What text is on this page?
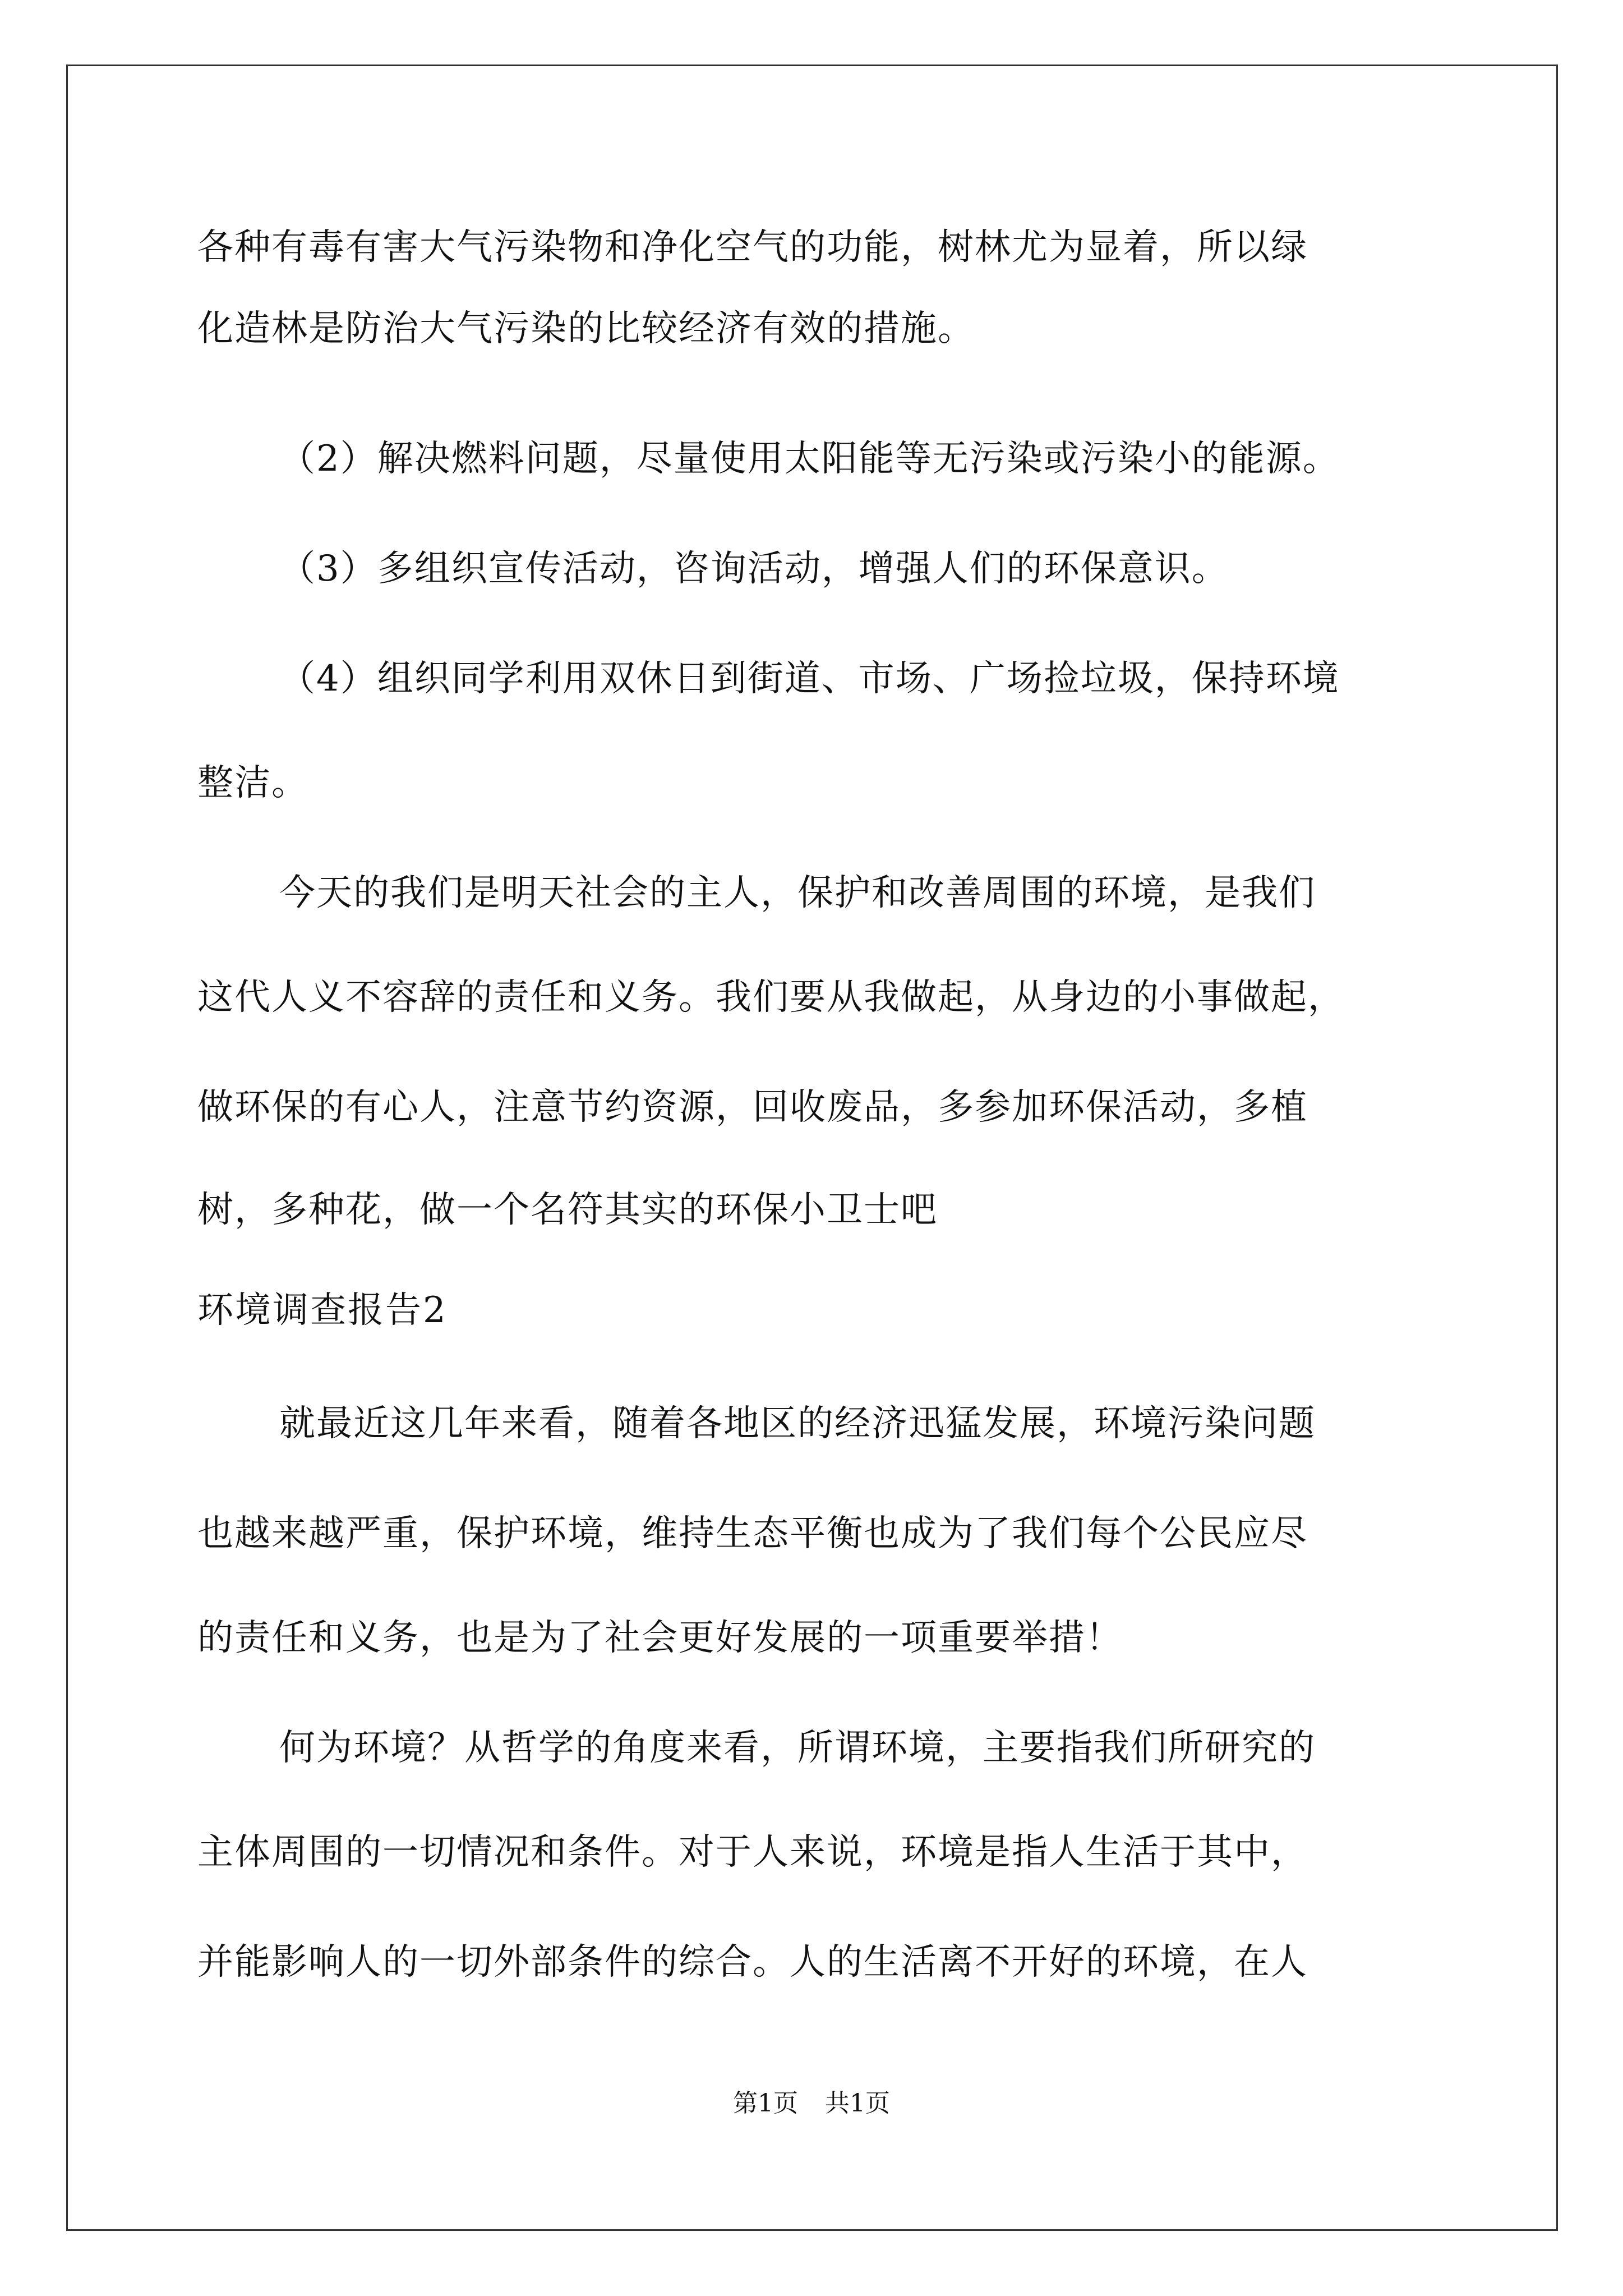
各种有毒有害大气污染物和净化空气的功能，树林尤为显着，所以绿
化造林是防治大气污染的比较经济有效的措施。
（2）解决燃料问题，尽量使用太阳能等无污染或污染小的能源。
（3）多组织宣传活动，咨询活动，增强人们的环保意识。
（4）组织同学利用双休日到街道、市场、广场捡垃圾，保持环境
整洁。
今天的我们是明天社会的主人，保护和改善周围的环境，是我们
这代人义不容辞的责任和义务。我们要从我做起，从身边的小事做起，
做环保的有心人，注意节约资源，回收废品，多参加环保活动，多植
树，多种花，做一个名符其实的环保小卫士吧
环境调查报告2
就最近这几年来看，随着各地区的经济迅猛发展，环境污染问题
也越来越严重，保护环境，维持生态平衡也成为了我们每个公民应尽
的责任和义务，也是为了社会更好发展的一项重要举措！
何为环境？从哲学的角度来看，所谓环境，主要指我们所研究的
主体周围的一切情况和条件。对于人来说，环境是指人生活于其中，
并能影响人的一切外部条件的综合。人的生活离不开好的环境，在人
第1页 共1页
